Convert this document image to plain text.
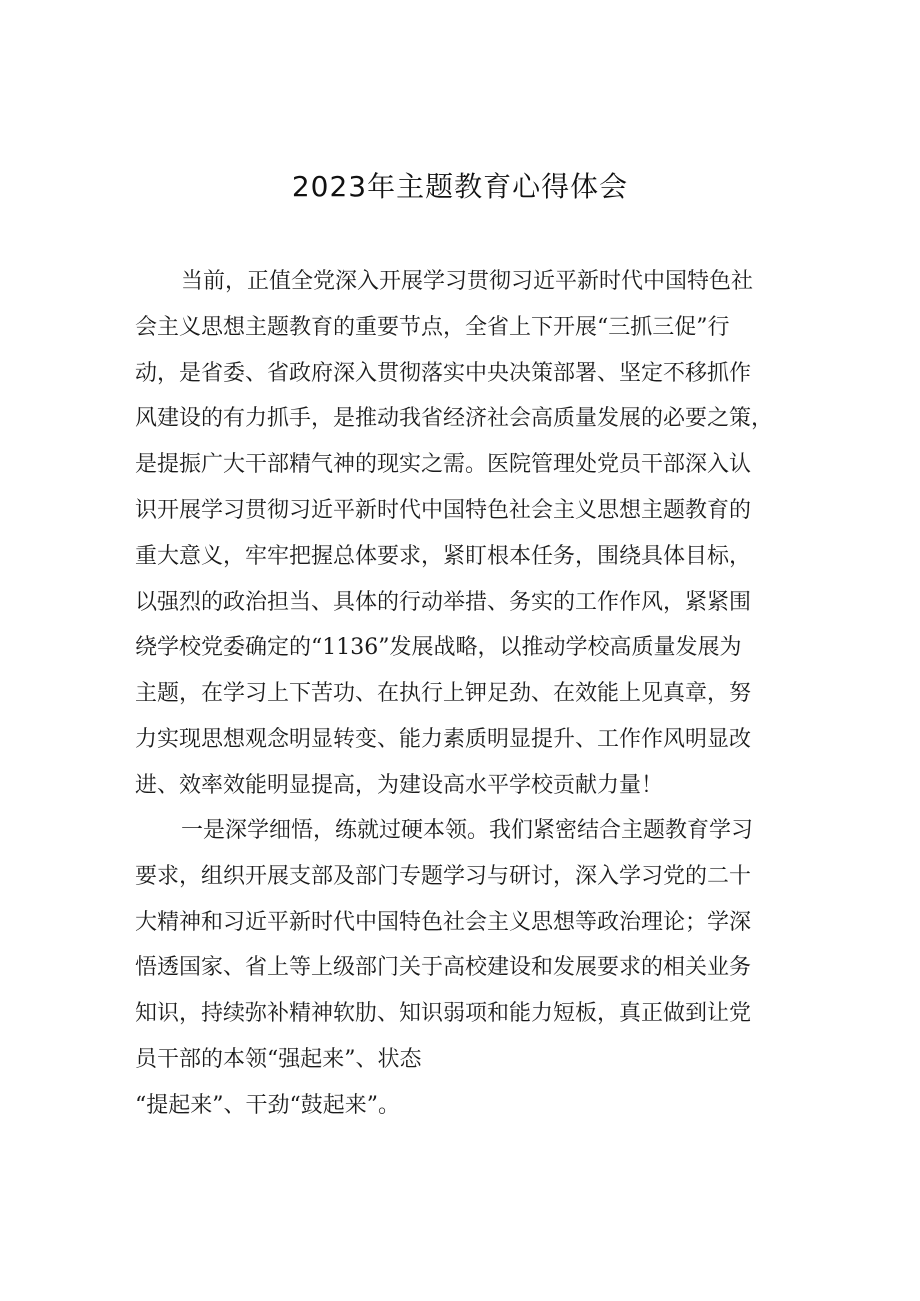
2023年主题教育心得体会
当前，正值全党深入开展学习贯彻习近平新时代中国特色社
会主义思想主题教育的重要节点，全省上下开展“三抓三促”行
动，是省委、省政府深入贯彻落实中央决策部署、坚定不移抓作
风建设的有力抓手，是推动我省经济社会高质量发展的必要之策，
是提振广大干部精气神的现实之需。医院管理处党员干部深入认
识开展学习贯彻习近平新时代中国特色社会主义思想主题教育的
重大意义，牢牢把握总体要求，紧盯根本任务，围绕具体目标，
以强烈的政治担当、具体的行动举措、务实的工作作风，紧紧围
绕学校党委确定的“1136”发展战略，以推动学校高质量发展为
主题，在学习上下苦功、在执行上钾足劲、在效能上见真章，努
力实现思想观念明显转变、能力素质明显提升、工作作风明显改
进、效率效能明显提高，为建设高水平学校贡献力量！
一是深学细悟，练就过硬本领。我们紧密结合主题教育学习
要求，组织开展支部及部门专题学习与研讨，深入学习党的二十
大精神和习近平新时代中国特色社会主义思想等政治理论；学深
悟透国家、省上等上级部门关于高校建设和发展要求的相关业务
知识，持续弥补精神软肋、知识弱项和能力短板，真正做到让党
员干部的本领“强起来”、状态
“提起来”、干劲“鼓起来”。
